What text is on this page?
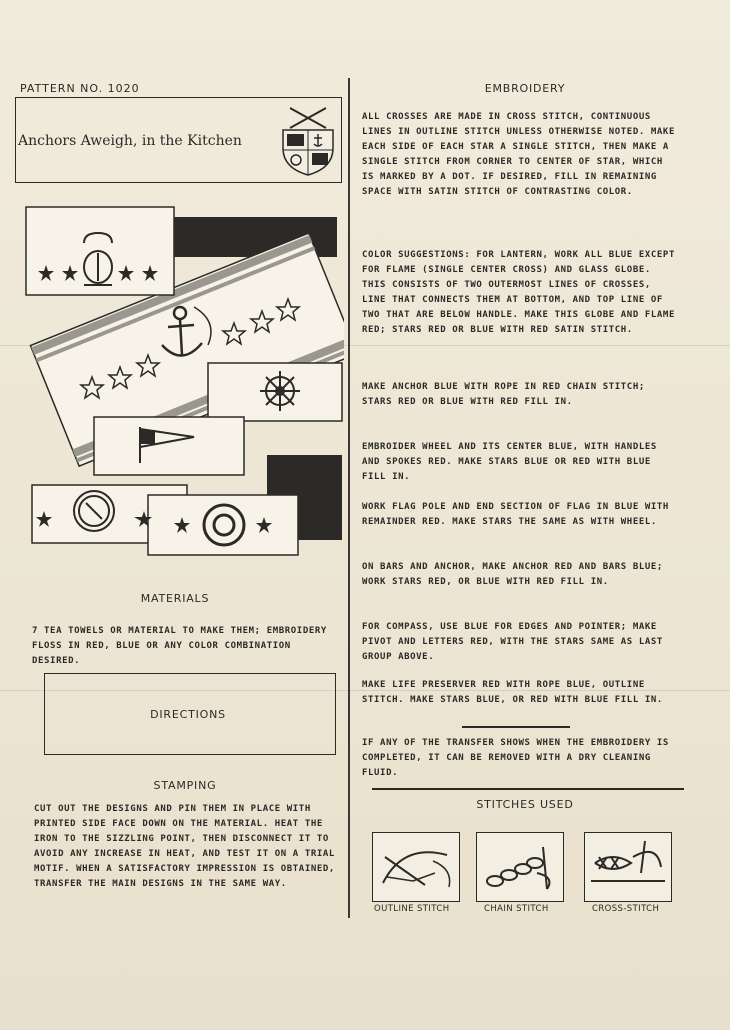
PATTERN NO. 1020
Anchors Aweigh, in the Kitchen
MATERIALS
7 TEA TOWELS OR MATERIAL TO MAKE THEM; EMBROIDERY FLOSS IN RED, BLUE OR ANY COLOR COMBINATION DESIRED.
DIRECTIONS
STAMPING
CUT OUT THE DESIGNS AND PIN THEM IN PLACE WITH PRINTED SIDE FACE DOWN ON THE MATERIAL. HEAT THE IRON TO THE SIZZLING POINT, THEN DISCONNECT IT TO AVOID ANY INCREASE IN HEAT, AND TEST IT ON A TRIAL MOTIF. WHEN A SATISFACTORY IMPRESSION IS OBTAINED, TRANSFER THE MAIN DESIGNS IN THE SAME WAY.
EMBROIDERY
ALL CROSSES ARE MADE IN CROSS STITCH, CONTINUOUS LINES IN OUTLINE STITCH UNLESS OTHERWISE NOTED. MAKE EACH SIDE OF EACH STAR A SINGLE STITCH, THEN MAKE A SINGLE STITCH FROM CORNER TO CENTER OF STAR, WHICH IS MARKED BY A DOT. IF DESIRED, FILL IN REMAINING SPACE WITH SATIN STITCH OF CONTRASTING COLOR.
COLOR SUGGESTIONS: FOR LANTERN, WORK ALL BLUE EXCEPT FOR FLAME (SINGLE CENTER CROSS) AND GLASS GLOBE. THIS CONSISTS OF TWO OUTERMOST LINES OF CROSSES, LINE THAT CONNECTS THEM AT BOTTOM, AND TOP LINE OF TWO THAT ARE BELOW HANDLE. MAKE THIS GLOBE AND FLAME RED; STARS RED OR BLUE WITH RED SATIN STITCH.
MAKE ANCHOR BLUE WITH ROPE IN RED CHAIN STITCH; STARS RED OR BLUE WITH RED FILL IN.
EMBROIDER WHEEL AND ITS CENTER BLUE, WITH HANDLES AND SPOKES RED. MAKE STARS BLUE OR RED WITH BLUE FILL IN.
WORK FLAG POLE AND END SECTION OF FLAG IN BLUE WITH REMAINDER RED. MAKE STARS THE SAME AS WITH WHEEL.
ON BARS AND ANCHOR, MAKE ANCHOR RED AND BARS BLUE; WORK STARS RED, OR BLUE WITH RED FILL IN.
FOR COMPASS, USE BLUE FOR EDGES AND POINTER; MAKE PIVOT AND LETTERS RED, WITH THE STARS SAME AS LAST GROUP ABOVE.
MAKE LIFE PRESERVER RED WITH ROPE BLUE, OUTLINE STITCH. MAKE STARS BLUE, OR RED WITH BLUE FILL IN.
IF ANY OF THE TRANSFER SHOWS WHEN THE EMBROIDERY IS COMPLETED, IT CAN BE REMOVED WITH A DRY CLEANING FLUID.
STITCHES USED
OUTLINE STITCH	CHAIN STITCH	CROSS-STITCH
